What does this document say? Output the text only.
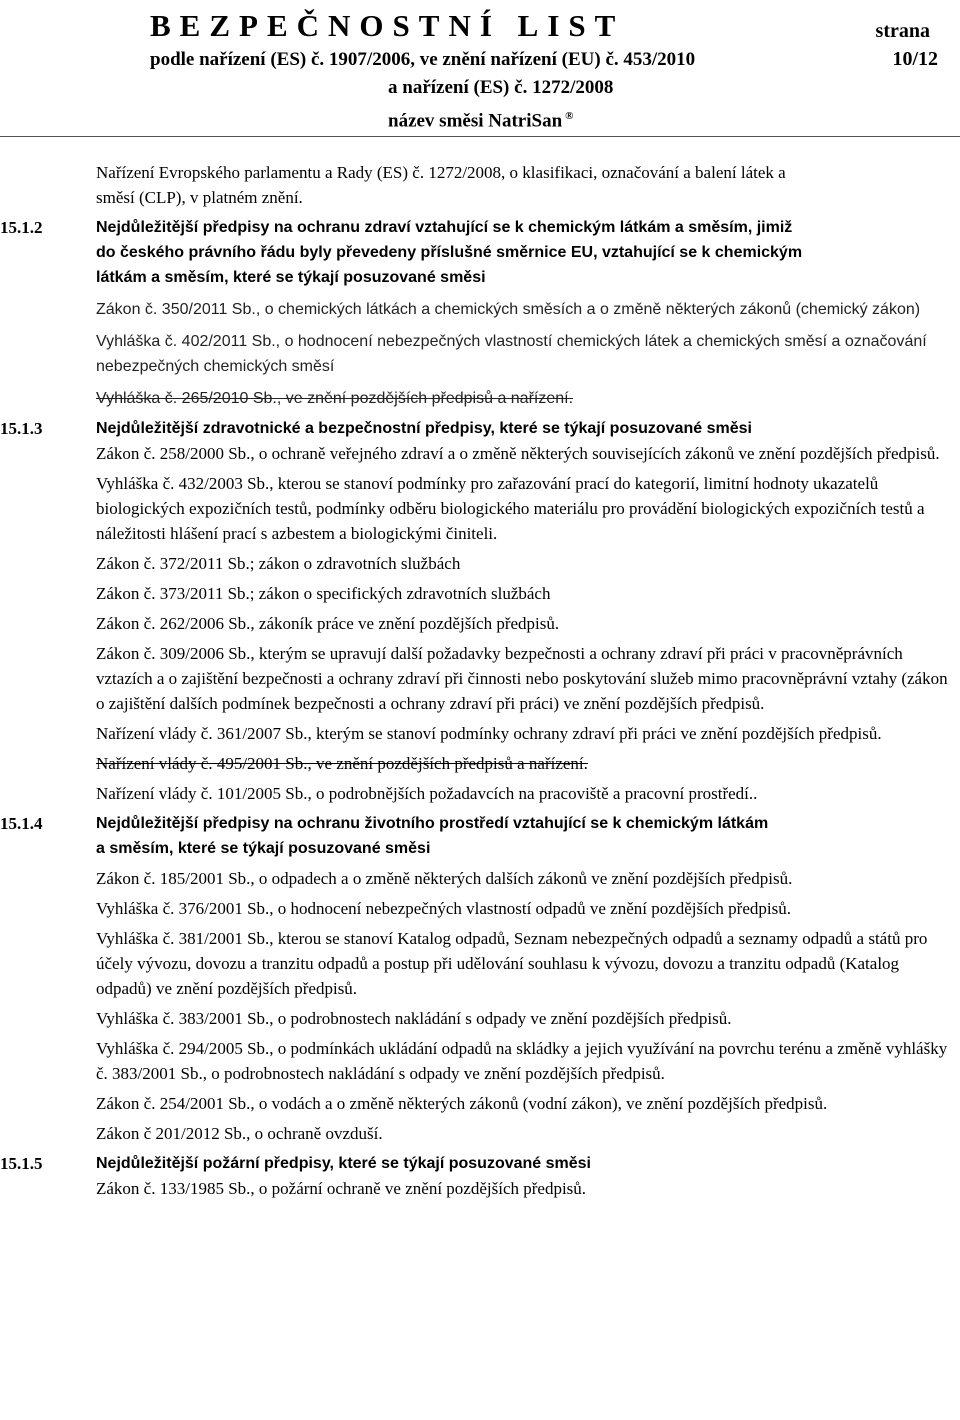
BEZPEČNOSTNÍ LIST	strana
podle nařízení (ES) č. 1907/2006, ve znění nařízení (EU) č. 453/2010	10/12
a nařízení (ES) č. 1272/2008
název směsi NatriSan ®
Nařízení Evropského parlamentu a Rady (ES) č. 1272/2008, o klasifikaci, označování a balení látek a
směsí (CLP), v platném znění.
15.1.2	Nejdůležitější předpisy na ochranu zdraví vztahující se k chemickým látkám a směsím, jimiž
do českého právního řádu byly převedeny příslušné směrnice EU, vztahující se k chemickým
látkám a směsím, které se týkají posuzované směsi
Zákon č. 350/2011 Sb., o chemických látkách a chemických směsích a o změně některých zákonů (chemický zákon)
Vyhláška č. 402/2011 Sb., o hodnocení nebezpečných vlastností chemických látek a chemických směsí a označování nebezpečných chemických směsí
Vyhláška č. 265/2010 Sb., ve znění pozdějších předpisů a nařízení.
15.1.3	Nejdůležitější zdravotnické a bezpečnostní předpisy, které se týkají posuzované směsi
Zákon č. 258/2000 Sb., o ochraně veřejného zdraví a o změně některých souvisejících zákonů ve znění pozdějších předpisů.
Vyhláška č. 432/2003 Sb., kterou se stanoví podmínky pro zařazování prací do kategorií, limitní hodnoty ukazatelů biologických expozičních testů, podmínky odběru biologického materiálu pro provádění biologických expozičních testů a náležitosti hlášení prací s azbestem a biologickými činiteli.
Zákon č. 372/2011 Sb.; zákon o zdravotních službách
Zákon č. 373/2011 Sb.; zákon o specifických zdravotních službách
Zákon č. 262/2006 Sb., zákoník práce ve znění pozdějších předpisů.
Zákon č. 309/2006 Sb., kterým se upravují další požadavky bezpečnosti a ochrany zdraví při práci v pracovněprávních vztazích a o zajištění bezpečnosti a ochrany zdraví při činnosti nebo poskytování služeb mimo pracovněprávní vztahy (zákon o zajištění dalších podmínek bezpečnosti a ochrany zdraví při práci) ve znění pozdějších předpisů.
Nařízení vlády č. 361/2007 Sb., kterým se stanoví podmínky ochrany zdraví při práci ve znění pozdějších předpisů.
Nařízení vlády č. 495/2001 Sb., ve znění pozdějších předpisů a nařízení.
Nařízení vlády č. 101/2005 Sb., o podrobnějších požadavcích na pracoviště a pracovní prostředí..
15.1.4	Nejdůležitější předpisy na ochranu životního prostředí vztahující se k chemickým látkám
a směsím, které se týkají posuzované směsi
Zákon č. 185/2001 Sb., o odpadech a o změně některých dalších zákonů ve znění pozdějších předpisů.
Vyhláška č. 376/2001 Sb., o hodnocení nebezpečných vlastností odpadů ve znění pozdějších předpisů.
Vyhláška č. 381/2001 Sb., kterou se stanoví Katalog odpadů, Seznam nebezpečných odpadů a seznamy odpadů a států pro účely vývozu, dovozu a tranzitu odpadů a postup při udělování souhlasu k vývozu, dovozu a tranzitu odpadů (Katalog odpadů) ve znění pozdějších předpisů.
Vyhláška č. 383/2001 Sb., o podrobnostech nakládání s odpady ve znění pozdějších předpisů.
Vyhláška č. 294/2005 Sb., o podmínkách ukládání odpadů na skládky a jejich využívání na povrchu terénu a změně vyhlášky č. 383/2001 Sb., o podrobnostech nakládání s odpady ve znění pozdějších předpisů.
Zákon č. 254/2001 Sb., o vodách a o změně některých zákonů (vodní zákon), ve znění pozdějších předpisů.
Zákon č 201/2012 Sb., o ochraně ovzduší.
15.1.5	Nejdůležitější požární předpisy, které se týkají posuzované směsi
Zákon č. 133/1985 Sb., o požární ochraně ve znění pozdějších předpisů.
